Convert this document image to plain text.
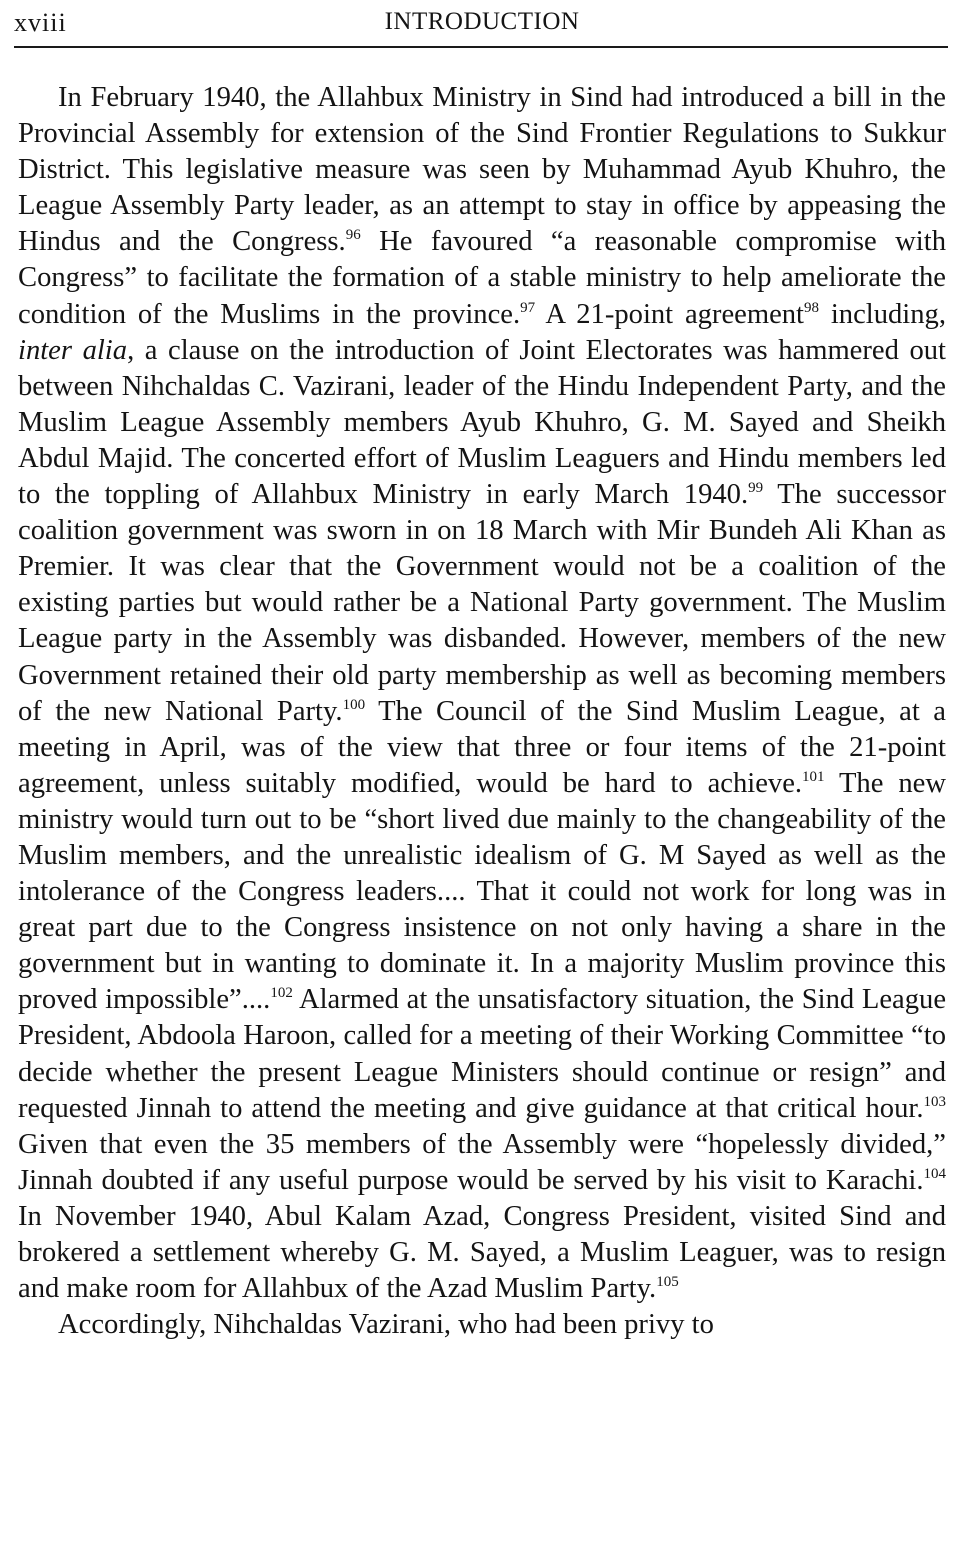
xviii	INTRODUCTION

In February 1940, the Allahbux Ministry in Sind had introduced a bill in the Provincial Assembly for extension of the Sind Frontier Regulations to Sukkur District. This legislative measure was seen by Muhammad Ayub Khuhro, the League Assembly Party leader, as an attempt to stay in office by appeasing the Hindus and the Congress.$^{96}$ He favoured “a reasonable compromise with Congress” to facilitate the formation of a stable ministry to help ameliorate the condition of the Muslims in the province.$^{97}$ A 21-point agreement$^{98}$ including, inter alia, a clause on the introduction of Joint Electorates was hammered out between Nihchaldas C. Vazirani, leader of the Hindu Independent Party, and the Muslim League Assembly members Ayub Khuhro, G. M. Sayed and Sheikh Abdul Majid. The concerted effort of Muslim Leaguers and Hindu members led to the toppling of Allahbux Ministry in early March 1940.99 The successor coalition government was sworn in on 18 March with Mir Bundeh Ali Khan as Premier. It was clear that the Government would not be a coalition of the existing parties but would rather be a National Party government. The Muslim League party in the Assembly was disbanded. However, members of the new Government retained their old party membership as well as becoming members of the new National Party.$^{100}$ The Council of the Sind Muslim League, at a meeting in April, was of the view that three or four items of the 21-point agreement, unless suitably modified, would be hard to achieve.$^{101}$ The new ministry would turn out to be “short lived due mainly to the changeability of the Muslim members, and the unrealistic idealism of G. M Sayed as well as the intolerance of the Congress leaders.... That it could not work for long was in great part due to the Congress insistence on not only having a share in the government but in wanting to dominate it. In a majority Muslim province this proved impossible”....$^{102}$ Alarmed at the unsatisfactory situation, the Sind League President, Abdoola Haroon, called for a meeting of their Working Committee “to decide whether the present League Ministers should continue or resign” and requested Jinnah to attend the meeting and give guidance at that critical hour.$^{103}$ Given that even the 35 members of the Assembly were “hopelessly divided,” Jinnah doubted if any useful purpose would be served by his visit to Karachi.$^{104}$ In November 1940, Abul Kalam Azad, Congress President, visited Sind and brokered a settlement whereby G. M. Sayed, a Muslim Leaguer, was to resign and make room for Allahbux of the Azad Muslim Party.$^{105}$

Accordingly, Nihchaldas Vazirani, who had been privy to
